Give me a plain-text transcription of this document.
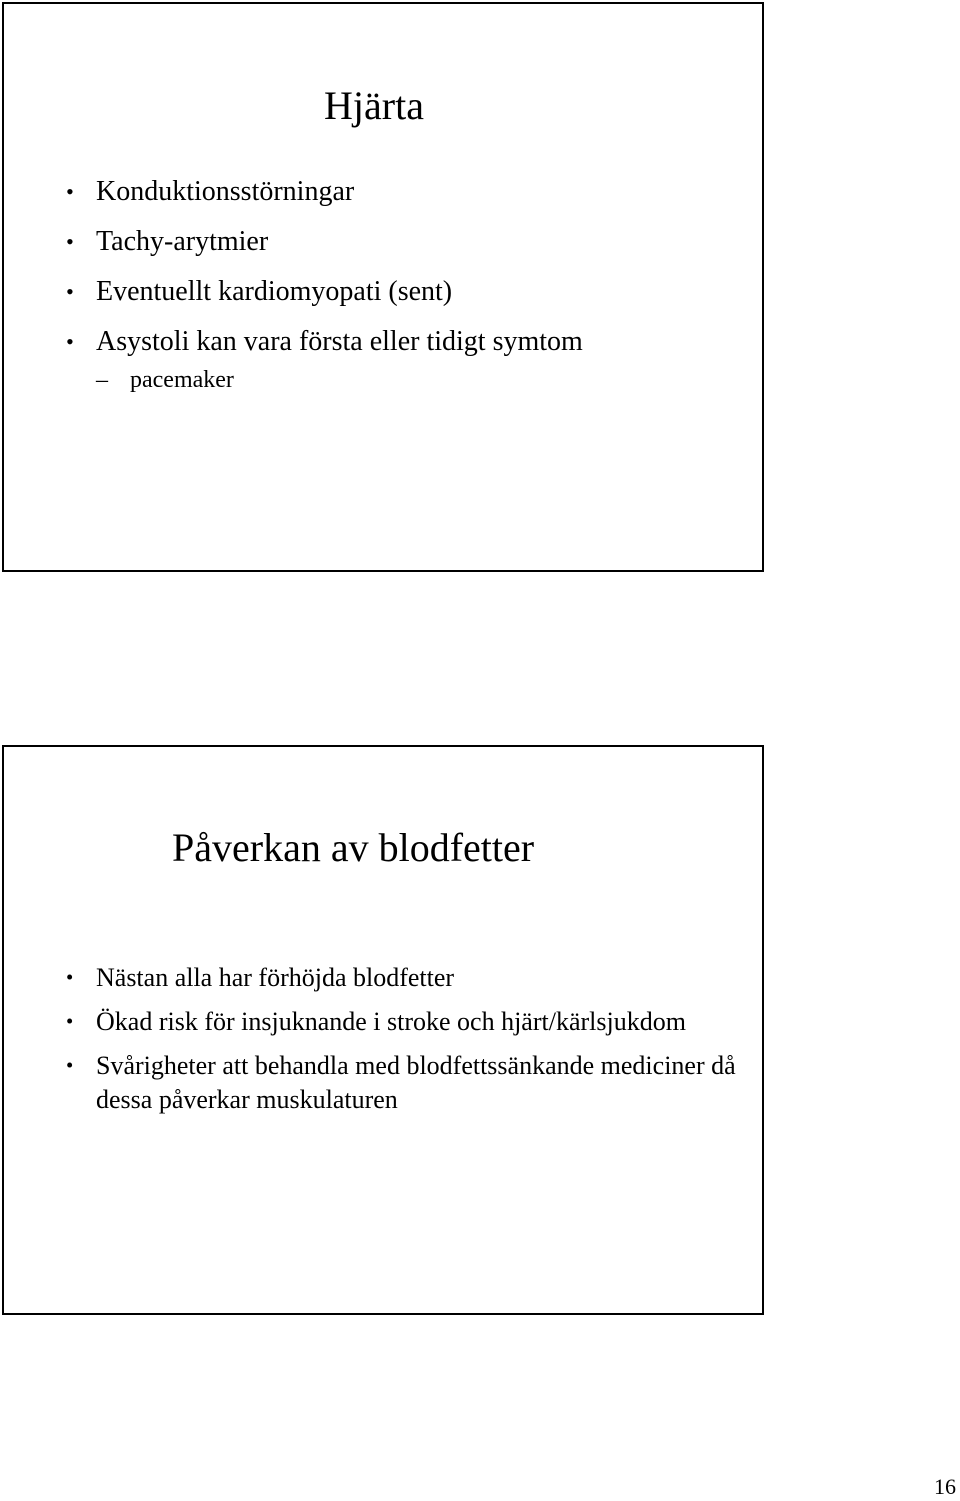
Hjärta
• Konduktionsstörningar
• Tachy-arytmier
• Eventuellt kardiomyopati (sent)
• Asystoli kan vara första eller tidigt symtom
– pacemaker
Påverkan av blodfetter
• Nästan alla har förhöjda blodfetter
• Ökad risk för insjuknande i stroke och hjärt/kärlsjukdom
• Svårigheter att behandla med blodfettssänkande mediciner då dessa påverkar muskulaturen
16
